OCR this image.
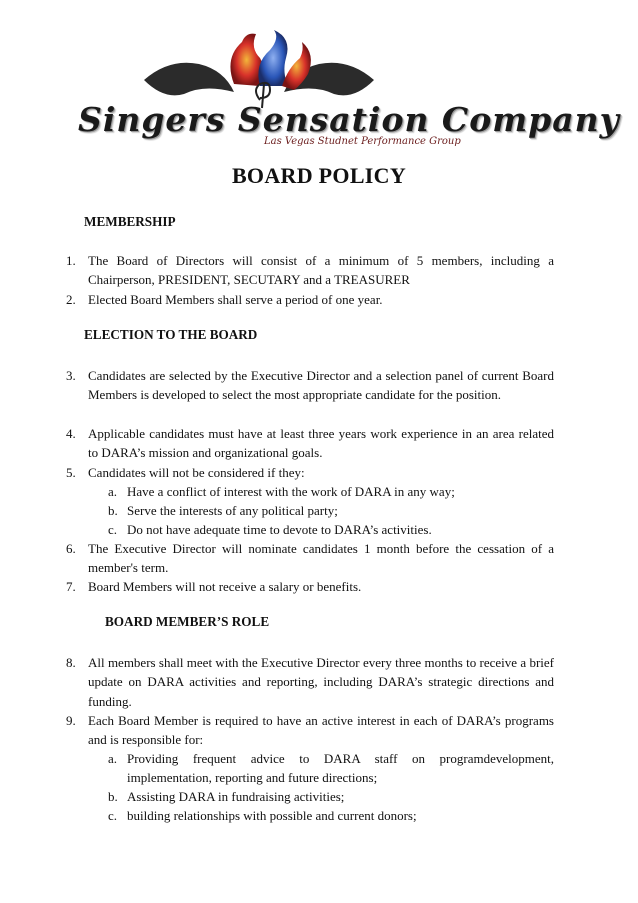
Singers Sensation Company
Las Vegas Studnet Performance Group
BOARD POLICY
MEMBERSHIP
1. The Board of Directors will consist of a minimum of 5 members, including a Chairperson, PRESIDENT, SECUTARY and a TREASURER
2. Elected Board Members shall serve a period of one year.
ELECTION TO THE BOARD
3. Candidates are selected by the Executive Director and a selection panel of current Board Members is developed to select the most appropriate candidate for the position.
4. Applicable candidates must have at least three years work experience in an area related to DARA’s mission and organizational goals.
5. Candidates will not be considered if they:
a. Have a conflict of interest with the work of DARA in any way;
b. Serve the interests of any political party;
c. Do not have adequate time to devote to DARA’s activities.
6. The Executive Director will nominate candidates 1 month before the cessation of a member's term.
7. Board Members will not receive a salary or benefits.
BOARD MEMBER’S ROLE
8. All members shall meet with the Executive Director every three months to receive a brief update on DARA activities and reporting, including DARA’s strategic directions and funding.
9. Each Board Member is required to have an active interest in each of DARA’s programs and is responsible for:
a. Providing frequent advice to DARA staff on programdevelopment, implementation, reporting and future directions;
b. Assisting DARA in fundraising activities;
c. building relationships with possible and current donors;
